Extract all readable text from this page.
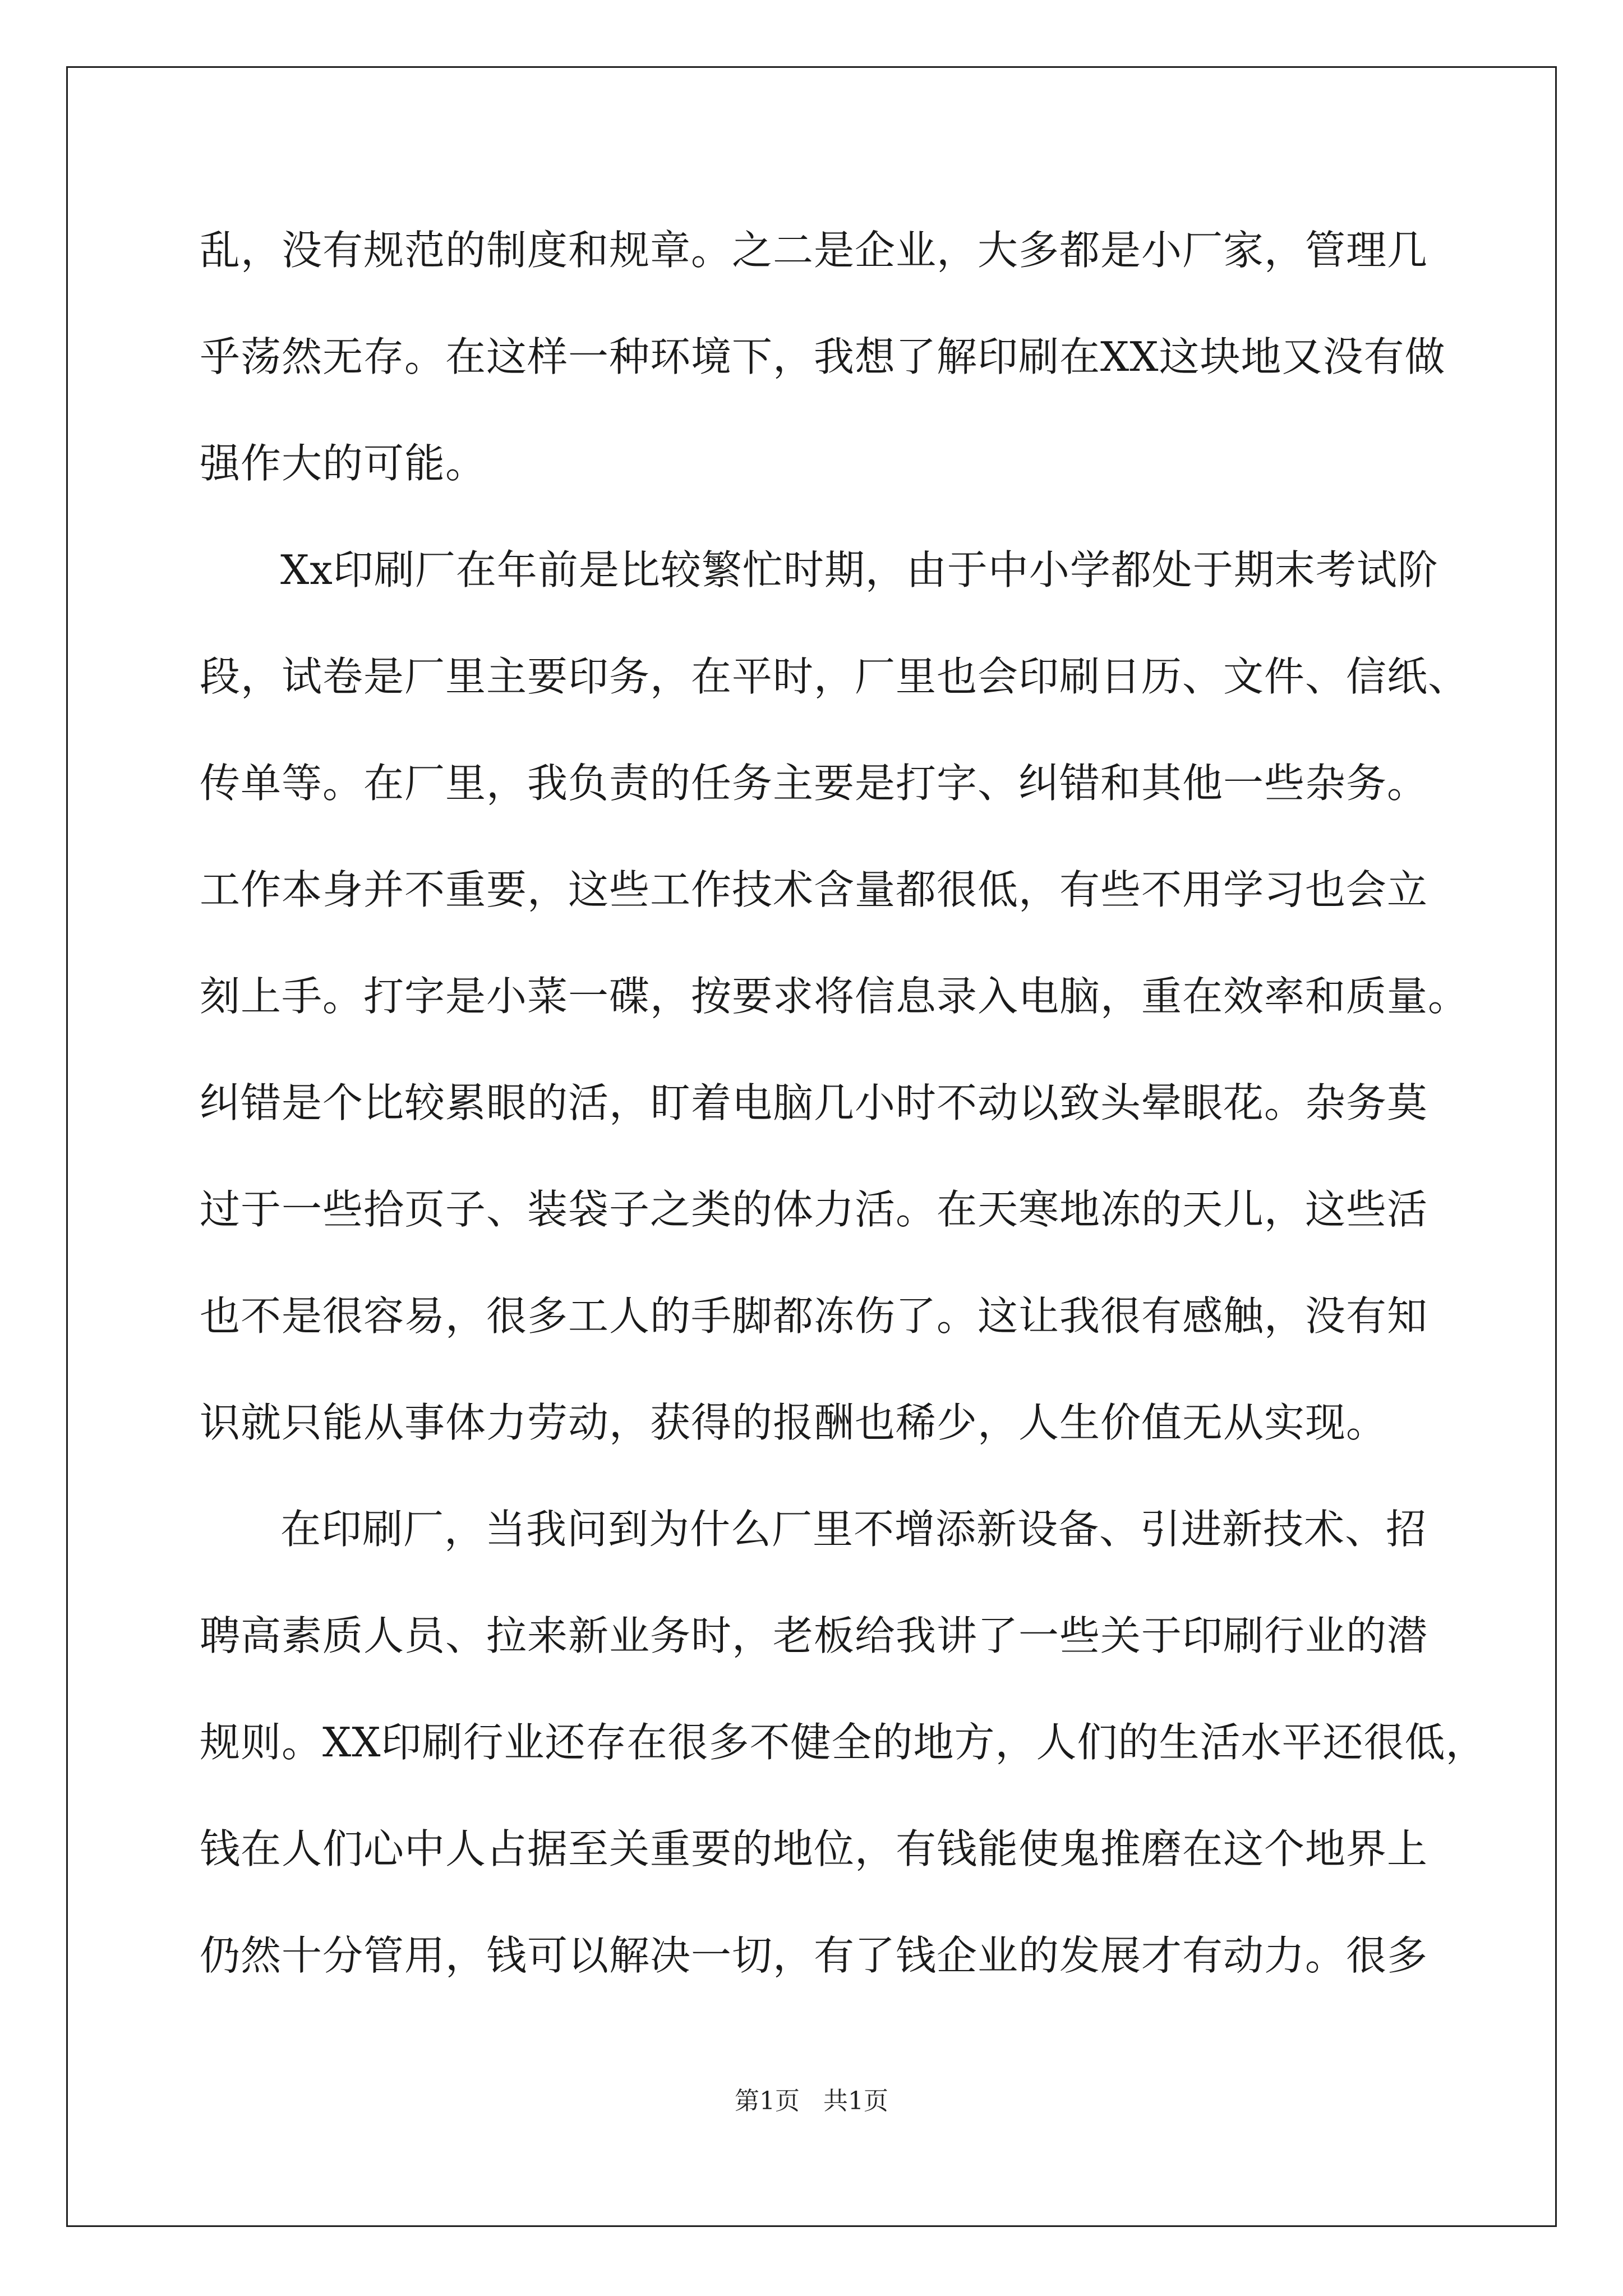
乱，没有规范的制度和规章。之二是企业，大多都是小厂家，管理几
乎荡然无存。在这样一种环境下，我想了解印刷在XX这块地又没有做
强作大的可能。
Xx印刷厂在年前是比较繁忙时期，由于中小学都处于期末考试阶
段，试卷是厂里主要印务，在平时，厂里也会印刷日历、文件、信纸、
传单等。在厂里，我负责的任务主要是打字、纠错和其他一些杂务。
工作本身并不重要，这些工作技术含量都很低，有些不用学习也会立
刻上手。打字是小菜一碟，按要求将信息录入电脑，重在效率和质量。
纠错是个比较累眼的活，盯着电脑几小时不动以致头晕眼花。杂务莫
过于一些拾页子、装袋子之类的体力活。在天寒地冻的天儿，这些活
也不是很容易，很多工人的手脚都冻伤了。这让我很有感触，没有知
识就只能从事体力劳动，获得的报酬也稀少，人生价值无从实现。
在印刷厂，当我问到为什么厂里不增添新设备、引进新技术、招
聘高素质人员、拉来新业务时，老板给我讲了一些关于印刷行业的潜
规则。XX印刷行业还存在很多不健全的地方，人们的生活水平还很低，
钱在人们心中人占据至关重要的地位，有钱能使鬼推磨在这个地界上
仍然十分管用，钱可以解决一切，有了钱企业的发展才有动力。很多
第1页   共1页
